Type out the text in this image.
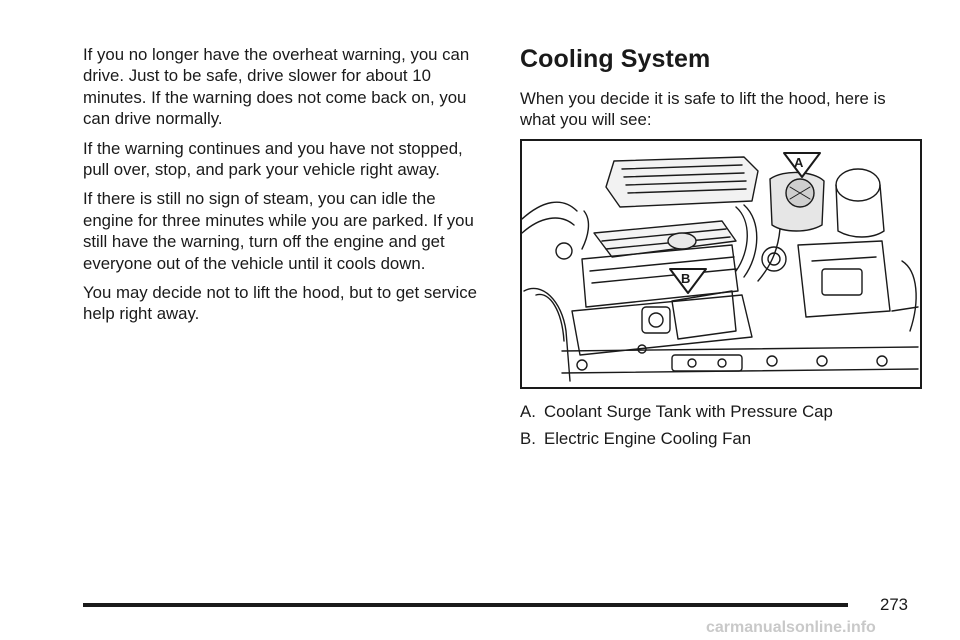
If you no longer have the overheat warning, you can drive. Just to be safe, drive slower for about 10 minutes. If the warning does not come back on, you can drive normally.

If the warning continues and you have not stopped, pull over, stop, and park your vehicle right away.

If there is still no sign of steam, you can idle the engine for three minutes while you are parked. If you still have the warning, turn off the engine and get everyone out of the vehicle until it cools down.

You may decide not to lift the hood, but to get service help right away.

Cooling System

When you decide it is safe to lift the hood, here is what you will see:

A
B
A. Coolant Surge Tank with Pressure Cap
B. Electric Engine Cooling Fan
273
carmanualsonline.info
